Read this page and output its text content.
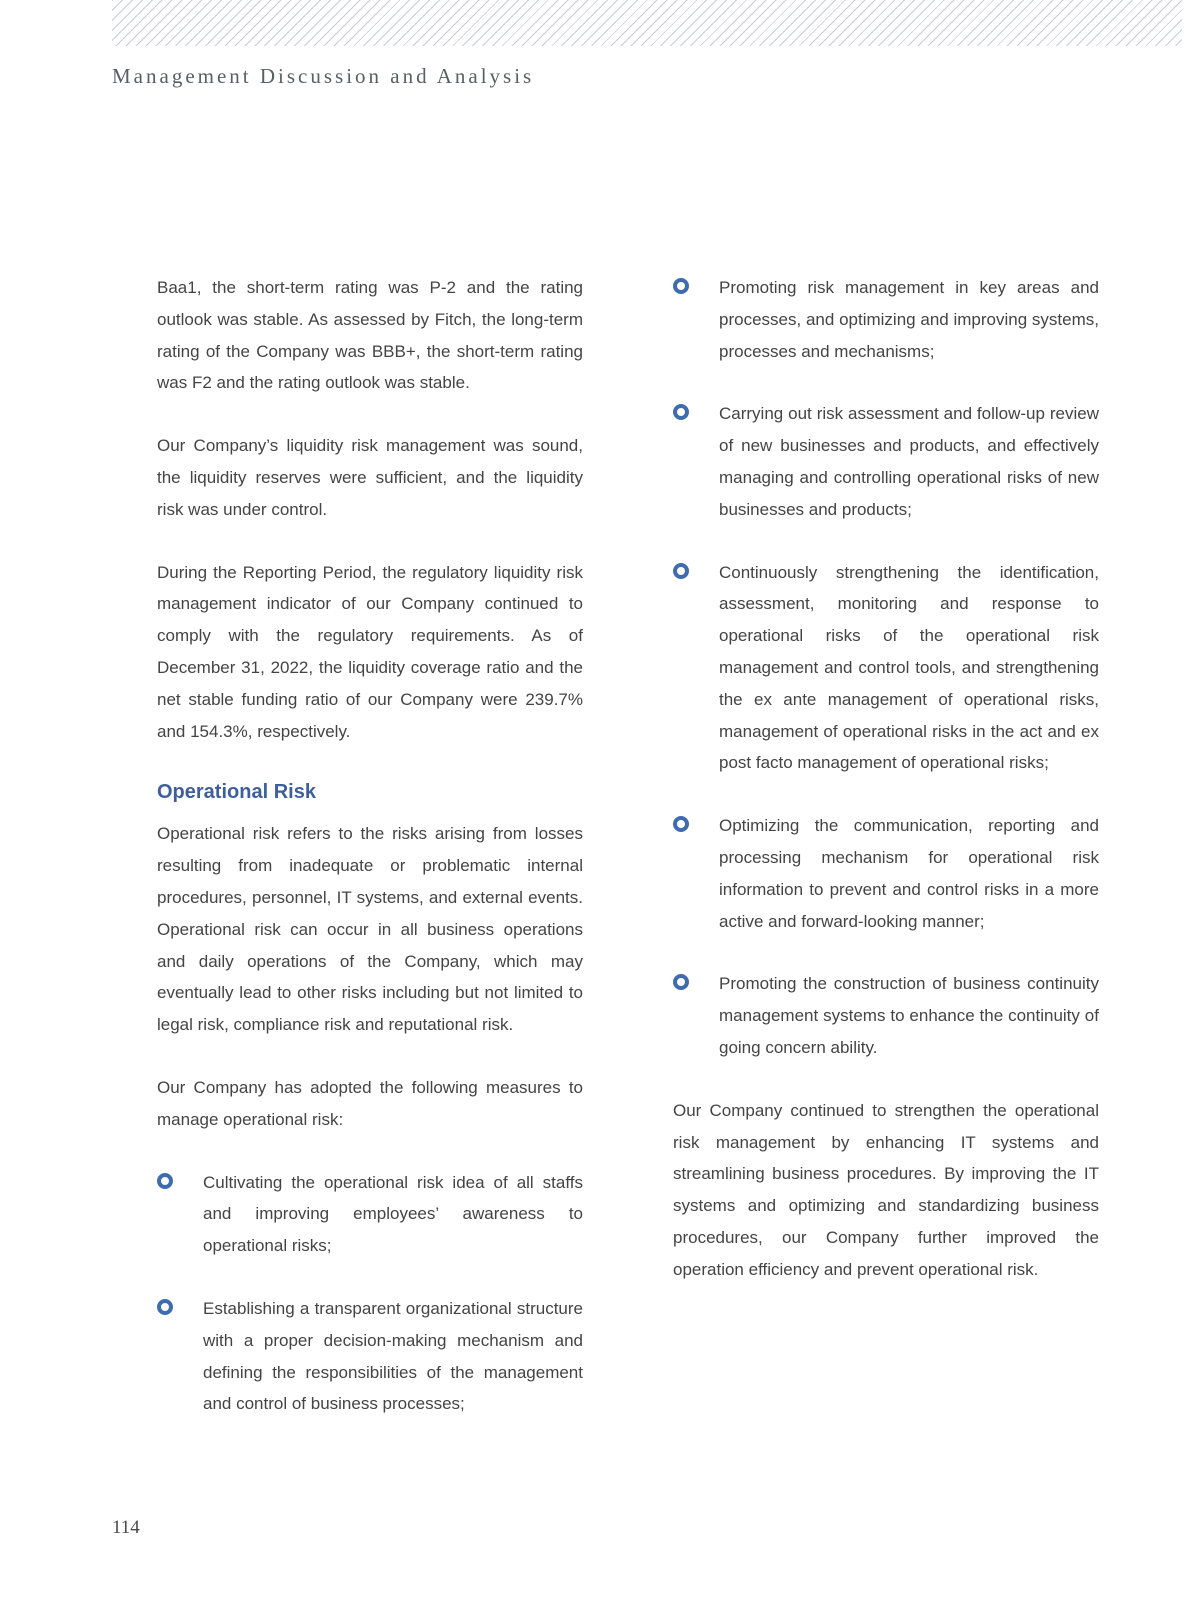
Management Discussion and Analysis

Baa1, the short-term rating was P-2 and the rating outlook was stable. As assessed by Fitch, the long-term rating of the Company was BBB+, the short-term rating was F2 and the rating outlook was stable.

Our Company’s liquidity risk management was sound, the liquidity reserves were sufficient, and the liquidity risk was under control.

During the Reporting Period, the regulatory liquidity risk management indicator of our Company continued to comply with the regulatory requirements. As of December 31, 2022, the liquidity coverage ratio and the net stable funding ratio of our Company were 239.7% and 154.3%, respectively.

Operational Risk

Operational risk refers to the risks arising from losses resulting from inadequate or problematic internal procedures, personnel, IT systems, and external events. Operational risk can occur in all business operations and daily operations of the Company, which may eventually lead to other risks including but not limited to legal risk, compliance risk and reputational risk.

Our Company has adopted the following measures to manage operational risk:

Cultivating the operational risk idea of all staffs and improving employees’ awareness to operational risks;
Establishing a transparent organizational structure with a proper decision-making mechanism and defining the responsibilities of the management and control of business processes;
Promoting risk management in key areas and processes, and optimizing and improving systems, processes and mechanisms;
Carrying out risk assessment and follow-up review of new businesses and products, and effectively managing and controlling operational risks of new businesses and products;
Continuously strengthening the identification, assessment, monitoring and response to operational risks of the operational risk management and control tools, and strengthening the ex ante management of operational risks, management of operational risks in the act and ex post facto management of operational risks;
Optimizing the communication, reporting and processing mechanism for operational risk information to prevent and control risks in a more active and forward-looking manner;
Promoting the construction of business continuity management systems to enhance the continuity of going concern ability.

Our Company continued to strengthen the operational risk management by enhancing IT systems and streamlining business procedures. By improving the IT systems and optimizing and standardizing business procedures, our Company further improved the operation efficiency and prevent operational risk.

114
